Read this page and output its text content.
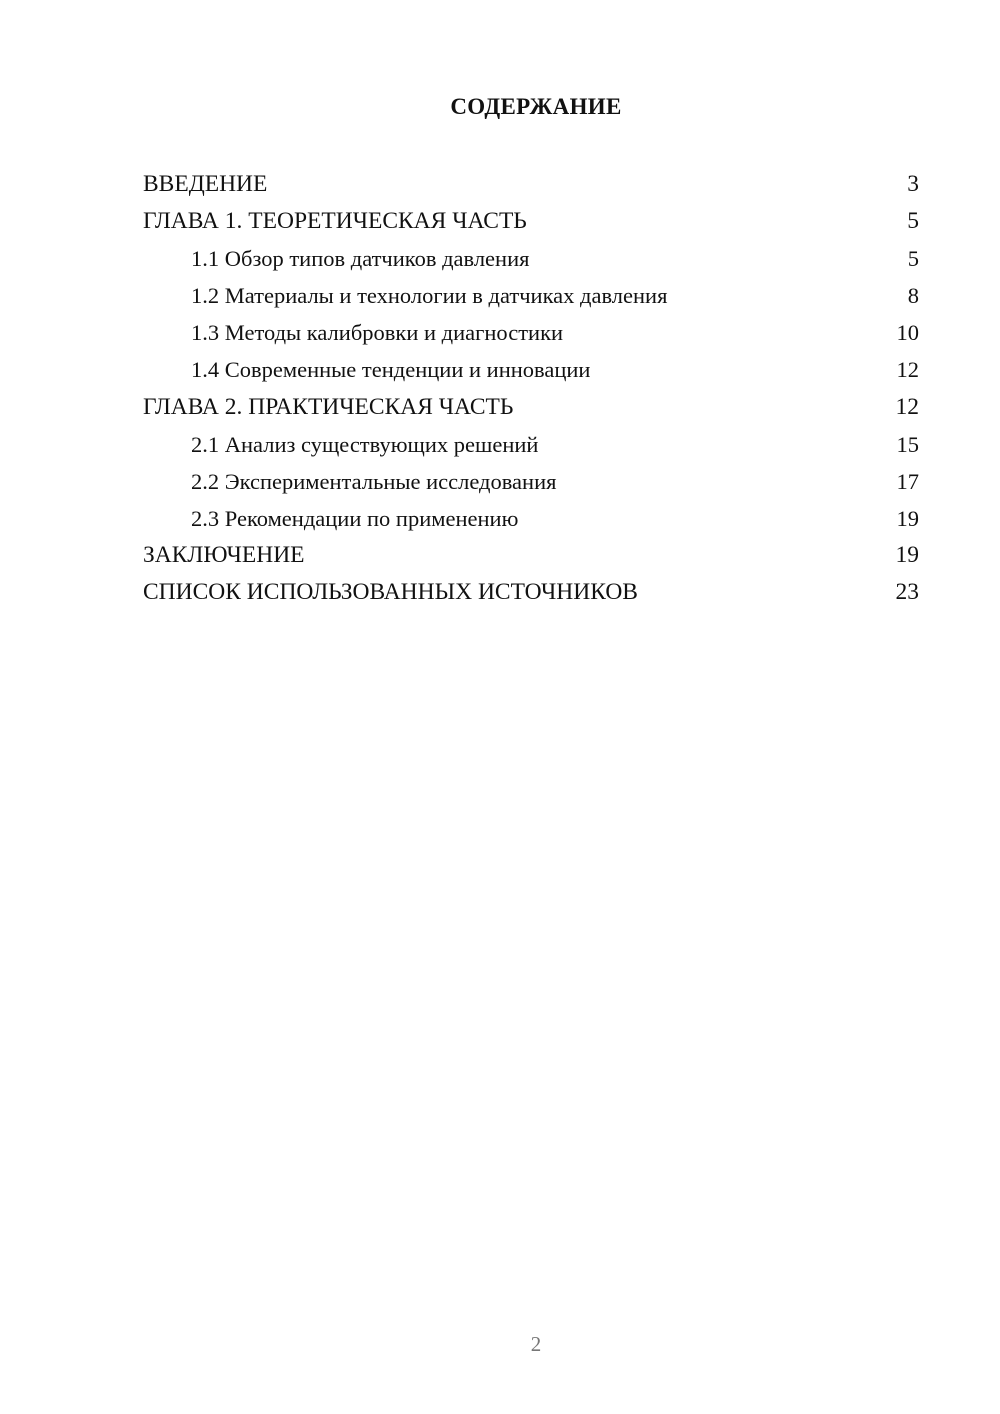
СОДЕРЖАНИЕ
ВВЕДЕНИЕ	3
ГЛАВА 1. ТЕОРЕТИЧЕСКАЯ ЧАСТЬ	5
1.1 Обзор типов датчиков давления	5
1.2 Материалы и технологии в датчиках давления	8
1.3 Методы калибровки и диагностики	10
1.4 Современные тенденции и инновации	12
ГЛАВА 2. ПРАКТИЧЕСКАЯ ЧАСТЬ	12
2.1 Анализ существующих решений	15
2.2 Экспериментальные исследования	17
2.3 Рекомендации по применению	19
ЗАКЛЮЧЕНИЕ	19
СПИСОК ИСПОЛЬЗОВАННЫХ ИСТОЧНИКОВ	23
2
